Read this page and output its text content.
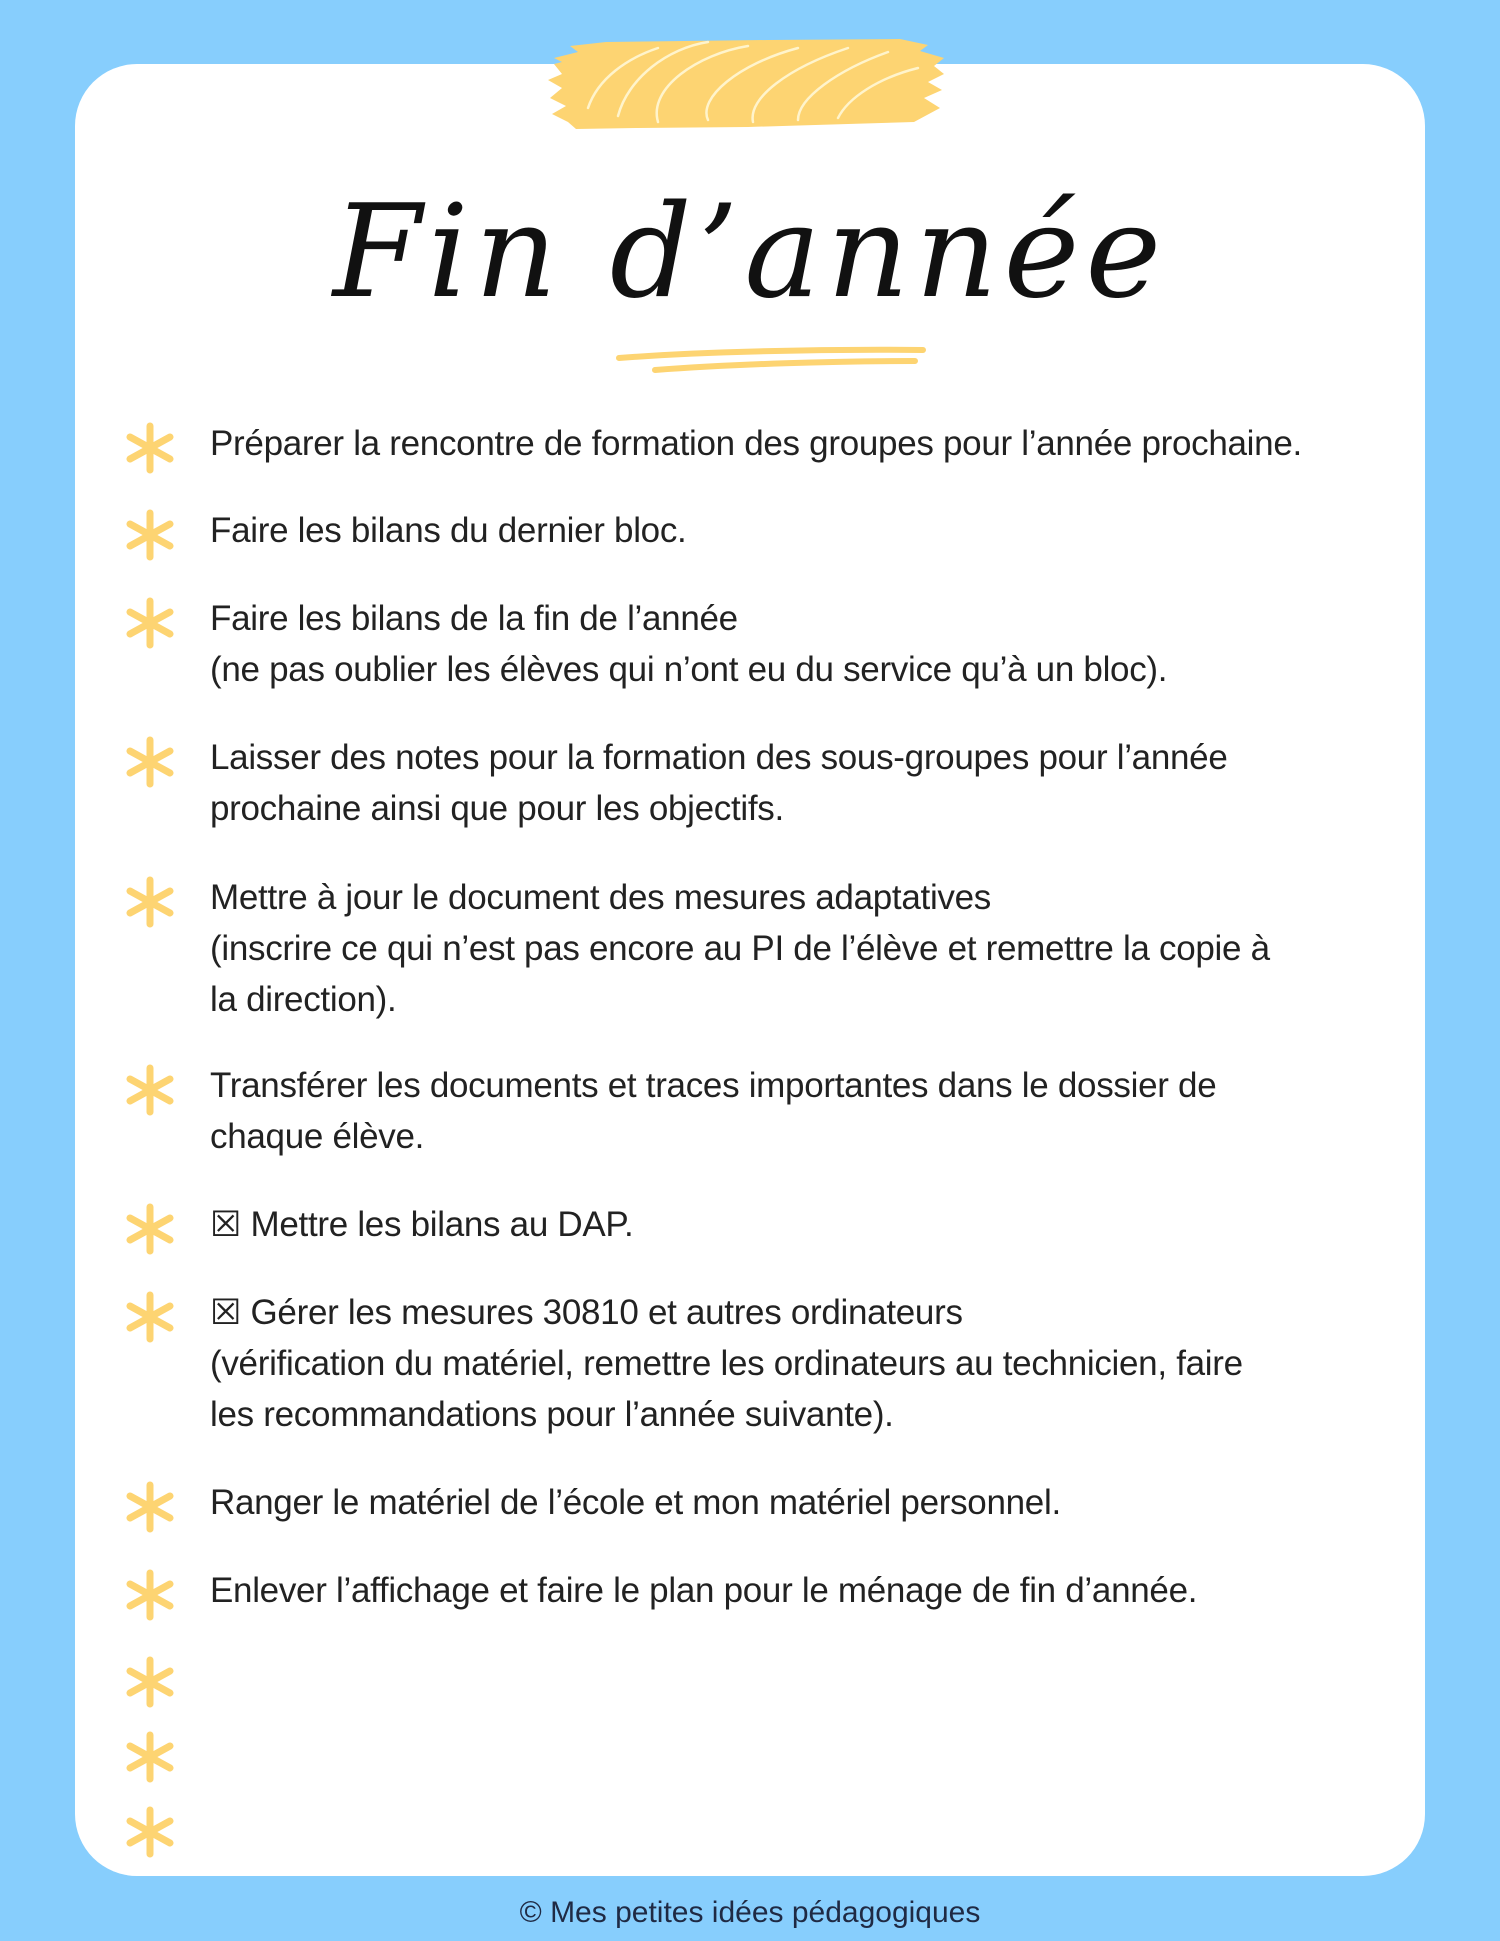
Fin d’année
Préparer la rencontre de formation des groupes pour l’année prochaine.
Faire les bilans du dernier bloc.
Faire les bilans de la fin de l’année
(ne pas oublier les élèves qui n’ont eu du service qu’à un bloc).
Laisser des notes pour la formation des sous-groupes pour l’année
prochaine ainsi que pour les objectifs.
Mettre à jour le document des mesures adaptatives
(inscrire ce qui n’est pas encore au PI de l’élève et remettre la copie à
la direction).
Transférer les documents et traces importantes dans le dossier de
chaque élève.
☒ Mettre les bilans au DAP.
☒ Gérer les mesures 30810 et autres ordinateurs
(vérification du matériel, remettre les ordinateurs au technicien, faire
les recommandations pour l’année suivante).
Ranger le matériel de l’école et mon matériel personnel.
Enlever l’affichage et faire le plan pour le ménage de fin d’année.
© Mes petites idées pédagogiques
